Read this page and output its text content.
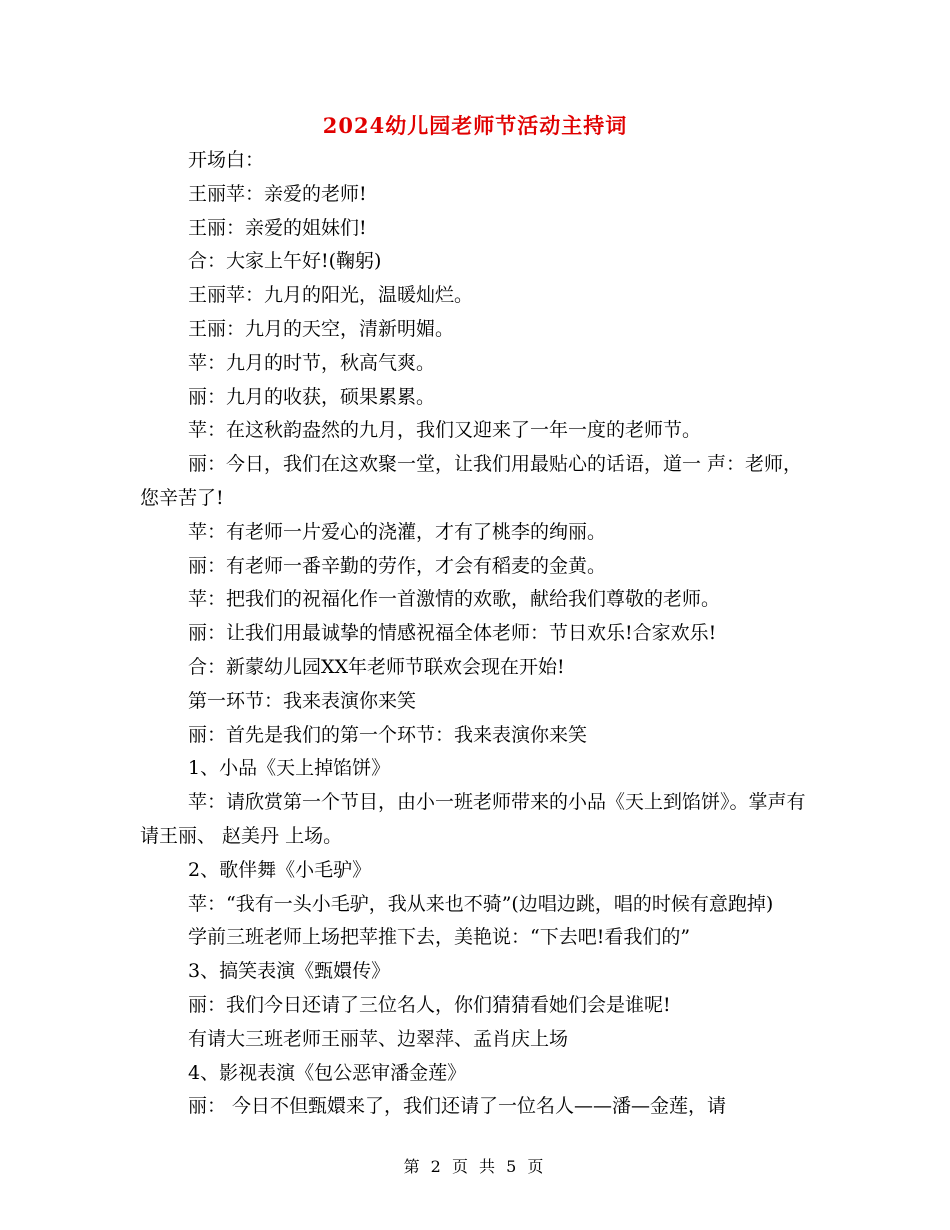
2024幼儿园老师节活动主持词

开场白：

王丽苹：亲爱的老师!

王丽：亲爱的姐妹们!

合：大家上午好!(鞠躬)

王丽苹：九月的阳光，温暖灿烂。

王丽：九月的天空，清新明媚。

苹：九月的时节，秋高气爽。

丽：九月的收获，硕果累累。

苹：在这秋韵盎然的九月，我们又迎来了一年一度的老师节。

丽：今日，我们在这欢聚一堂，让我们用最贴心的话语，道一 声：老师，您辛苦了!

苹：有老师一片爱心的浇灌，才有了桃李的绚丽。

丽：有老师一番辛勤的劳作，才会有稻麦的金黄。

苹：把我们的祝福化作一首激情的欢歌，献给我们尊敬的老师。

丽：让我们用最诚挚的情感祝福全体老师：节日欢乐!合家欢乐!

合：新蒙幼儿园XX年老师节联欢会现在开始!

第一环节：我来表演你来笑

丽：首先是我们的第一个环节：我来表演你来笑

1、小品《天上掉馅饼》

苹：请欣赏第一个节目，由小一班老师带来的小品《天上到馅饼》。掌声有请王丽、 赵美丹 上场。

2、歌伴舞《小毛驴》

苹：“我有一头小毛驴，我从来也不骑”(边唱边跳，唱的时候有意跑掉)

学前三班老师上场把苹推下去，美艳说：“下去吧!看我们的”

3、搞笑表演《甄嬛传》

丽：我们今日还请了三位名人，你们猜猜看她们会是谁呢!

有请大三班老师王丽苹、边翠萍、孟肖庆上场

4、影视表演《包公恶审潘金莲》

丽： 今日不但甄嬛来了，我们还请了一位名人——潘—金莲，请

第 2 页 共 5 页
